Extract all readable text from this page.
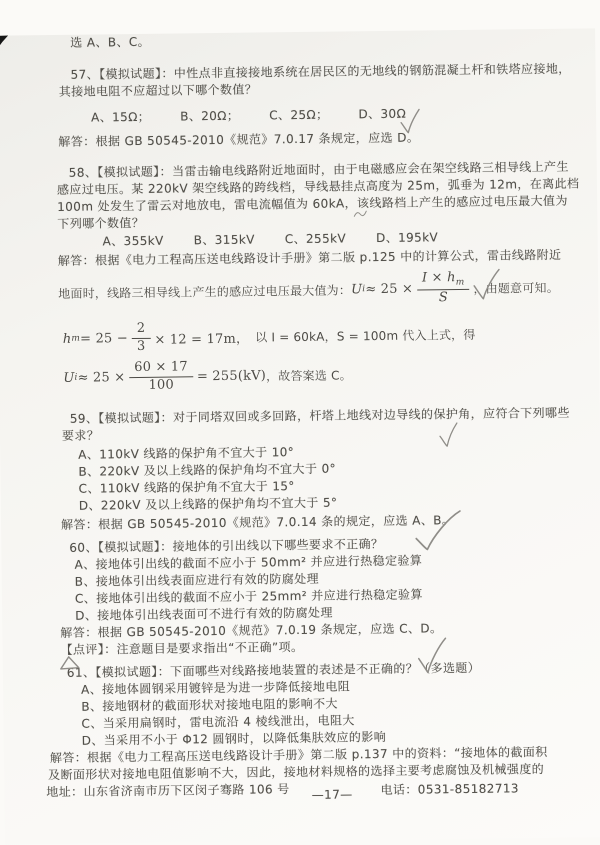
选 A、B、C。

57、【模拟试题】：中性点非直接接地系统在居民区的无地线的钢筋混凝土杆和铁塔应接地，

其接地电阻不应超过以下哪个数值？

A、15Ω； B、20Ω； C、25Ω； D、30Ω

解答：根据 GB 50545-2010《规范》7.0.17 条规定，应选 D。

58、【模拟试题】：当雷击输电线路附近地面时，由于电磁感应会在架空线路三相导线上产生

感应过电压。某 220kV 架空线路的跨线档，导线悬挂点高度为 25m，弧垂为 12m，在离此档

100m 处发生了雷云对地放电，雷电流幅值为 60kA，该线路档上产生的感应过电压最大值为

下列哪个数值？

A、355kV B、315kV C、255kV D、195kV

解答：根据《电力工程高压送电线路设计手册》第二版 p.125 中的计算公式，雷击线路附近

地面时，线路三相导线上产生的感应过电压最大值为： U $i \approx 25 \times \frac{I \times h_m}{S}$ ，由题意可知。
h $m = 25 - \frac{2}{3} \times 12 = 17m$， 以 I = 60kA，S = 100m 代入上式，得
U $i \approx 25 \times \frac{60 \times 17}{100} = 255(kV)$ ，故答案选 C。

59、【模拟试题】：对于同塔双回或多回路，杆塔上地线对边导线的保护角，应符合下列哪些

要求？

A、110kV 线路的保护角不宜大于 10°

B、220kV 及以上线路的保护角均不宜大于 0°

C、110kV 线路的保护角不宜大于 15°

D、220kV 及以上线路的保护角均不宜大于 5°

解答：根据 GB 50545-2010《规范》7.0.14 条的规定，应选 A、B。

60、【模拟试题】：接地体的引出线以下哪些要求不正确？

A、接地体引出线的截面不应小于 50mm² 并应进行热稳定验算

B、接地体引出线表面应进行有效的防腐处理

C、接地体引出线的截面不应小于 25mm² 并应进行热稳定验算

D、接地体引出线表面可不进行有效的防腐处理

解答：根据 GB 50545-2010《规范》7.0.19 条规定，应选 C、D。

【点评】：注意题目是要求指出“不正确”项。

61、【模拟试题】：下面哪些对线路接地装置的表述是不正确的？（多选题）

A、接地体圆钢采用镀锌是为进一步降低接地电阻

B、接地钢材的截面形状对接地电阻的影响不大

C、当采用扁钢时，雷电流沿 4 棱线泄出，电阻大

D、当采用不小于 Φ12 圆钢时，以降低集肤效应的影响

解答：根据《电力工程高压送电线路设计手册》第二版 p.137 中的资料：“接地体的截面积

及断面形状对接地电阻值影响不大，因此，接地材料规格的选择主要考虑腐蚀及机械强度的

地址：山东省济南市历下区闵子骞路 106 号 —17— 电话：0531-85182713
